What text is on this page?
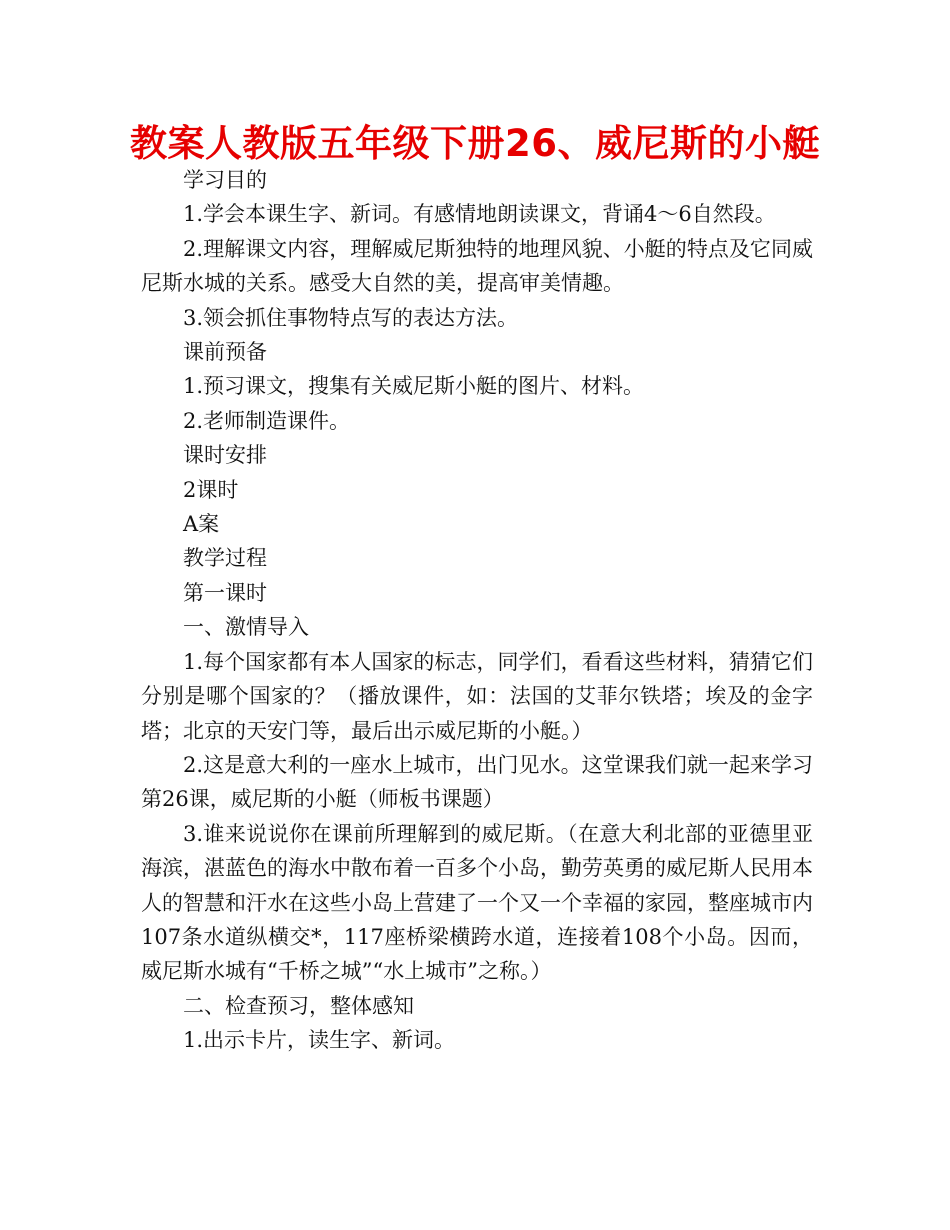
教案人教版五年级下册26、威尼斯的小艇

学习目的

1.学会本课生字、新词。有感情地朗读课文，背诵4～6自然段。

2.理解课文内容，理解威尼斯独特的地理风貌、小艇的特点及它同威尼斯水城的关系。感受大自然的美，提高审美情趣。

3.领会抓住事物特点写的表达方法。

课前预备

1.预习课文，搜集有关威尼斯小艇的图片、材料。

2.老师制造课件。

课时安排

2课时

A案

教学过程

第一课时

一、激情导入

1.每个国家都有本人国家的标志，同学们，看看这些材料，猜猜它们分别是哪个国家的？（播放课件，如：法国的艾菲尔铁塔；埃及的金字塔；北京的天安门等，最后出示威尼斯的小艇。）

2.这是意大利的一座水上城市，出门见水。这堂课我们就一起来学习第26课，威尼斯的小艇（师板书课题）

3.谁来说说你在课前所理解到的威尼斯。（在意大利北部的亚德里亚海滨，湛蓝色的海水中散布着一百多个小岛，勤劳英勇的威尼斯人民用本人的智慧和汗水在这些小岛上营建了一个又一个幸福的家园，整座城市内107条水道纵横交*，117座桥梁横跨水道，连接着108个小岛。因而，威尼斯水城有“千桥之城”“水上城市”之称。）

二、检查预习，整体感知

1.出示卡片，读生字、新词。
